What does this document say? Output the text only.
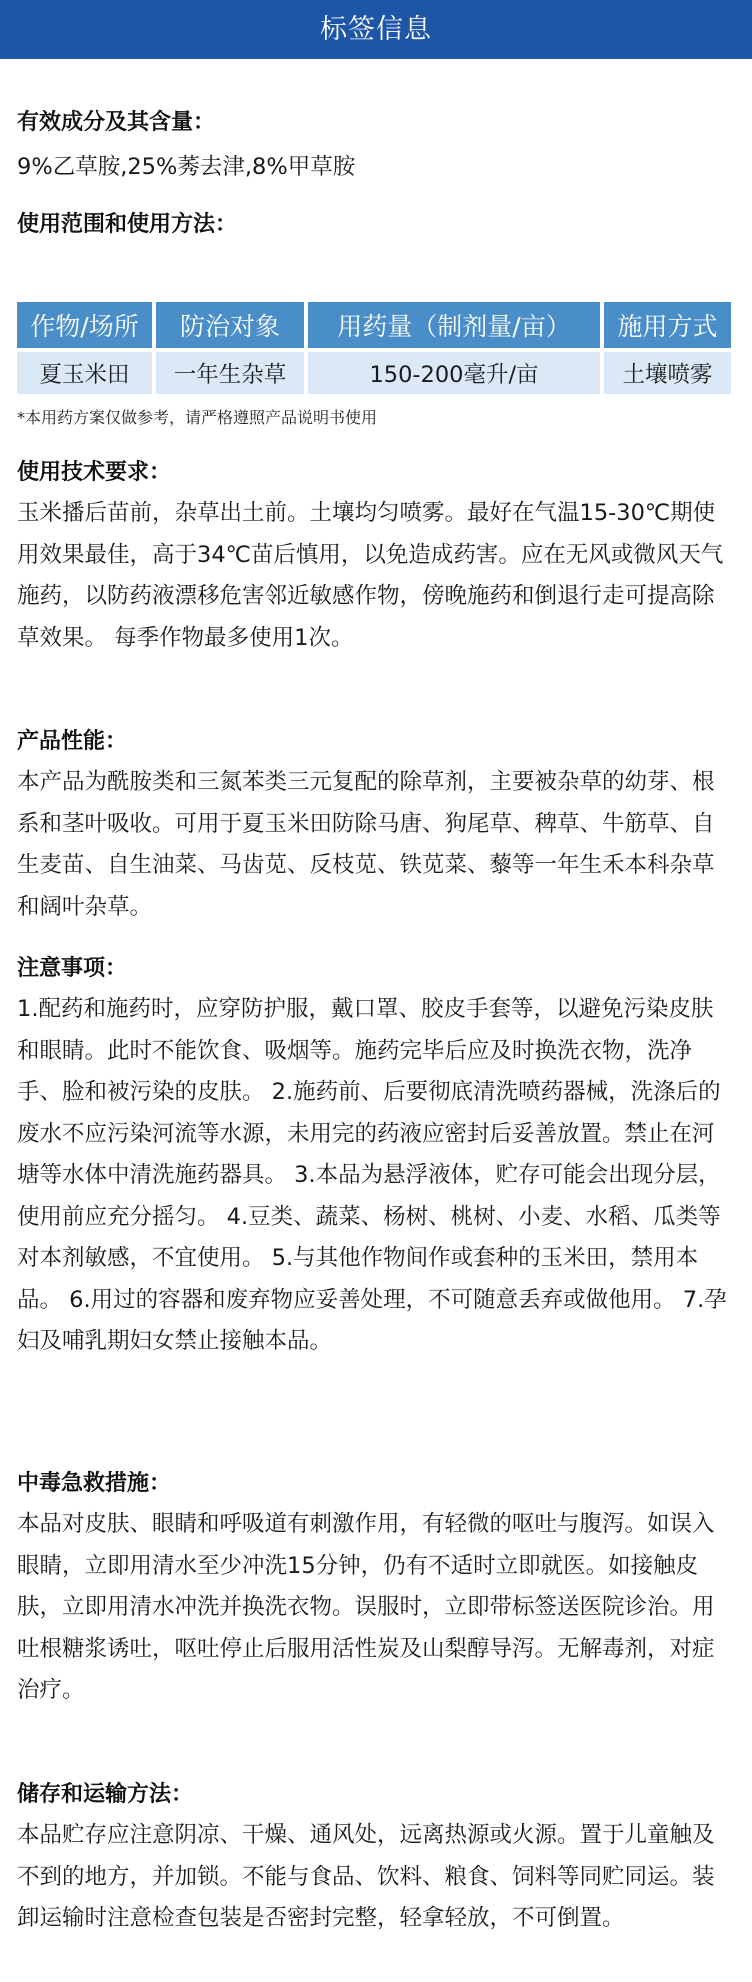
标签信息
有效成分及其含量：
9%乙草胺,25%莠去津,8%甲草胺
使用范围和使用方法：
作物/场所	防治对象	用药量（制剂量/亩）	施用方式
夏玉米田	一年生杂草	150-200毫升/亩	土壤喷雾
*本用药方案仅做参考，请严格遵照产品说明书使用
使用技术要求：
玉米播后苗前，杂草出土前。土壤均匀喷雾。最好在气温15-30℃期使用效果最佳，高于34℃苗后慎用，以免造成药害。应在无风或微风天气施药，以防药液漂移危害邻近敏感作物，傍晚施药和倒退行走可提高除草效果。 每季作物最多使用1次。
产品性能：
本产品为酰胺类和三氮苯类三元复配的除草剂，主要被杂草的幼芽、根系和茎叶吸收。可用于夏玉米田防除马唐、狗尾草、稗草、牛筋草、自生麦苗、自生油菜、马齿苋、反枝苋、铁苋菜、藜等一年生禾本科杂草和阔叶杂草。
注意事项：
1.配药和施药时，应穿防护服，戴口罩、胶皮手套等，以避免污染皮肤和眼睛。此时不能饮食、吸烟等。施药完毕后应及时换洗衣物，洗净手、脸和被污染的皮肤。 2.施药前、后要彻底清洗喷药器械，洗涤后的废水不应污染河流等水源，未用完的药液应密封后妥善放置。禁止在河塘等水体中清洗施药器具。 3.本品为悬浮液体，贮存可能会出现分层，使用前应充分摇匀。 4.豆类、蔬菜、杨树、桃树、小麦、水稻、瓜类等对本剂敏感，不宜使用。 5.与其他作物间作或套种的玉米田，禁用本品。 6.用过的容器和废弃物应妥善处理，不可随意丢弃或做他用。 7.孕妇及哺乳期妇女禁止接触本品。
中毒急救措施：
本品对皮肤、眼睛和呼吸道有刺激作用，有轻微的呕吐与腹泻。如误入眼睛，立即用清水至少冲洗15分钟，仍有不适时立即就医。如接触皮肤，立即用清水冲洗并换洗衣物。误服时，立即带标签送医院诊治。用吐根糖浆诱吐，呕吐停止后服用活性炭及山梨醇导泻。无解毒剂，对症治疗。
储存和运输方法：
本品贮存应注意阴凉、干燥、通风处，远离热源或火源。置于儿童触及不到的地方，并加锁。不能与食品、饮料、粮食、饲料等同贮同运。装卸运输时注意检查包装是否密封完整，轻拿轻放，不可倒置。
